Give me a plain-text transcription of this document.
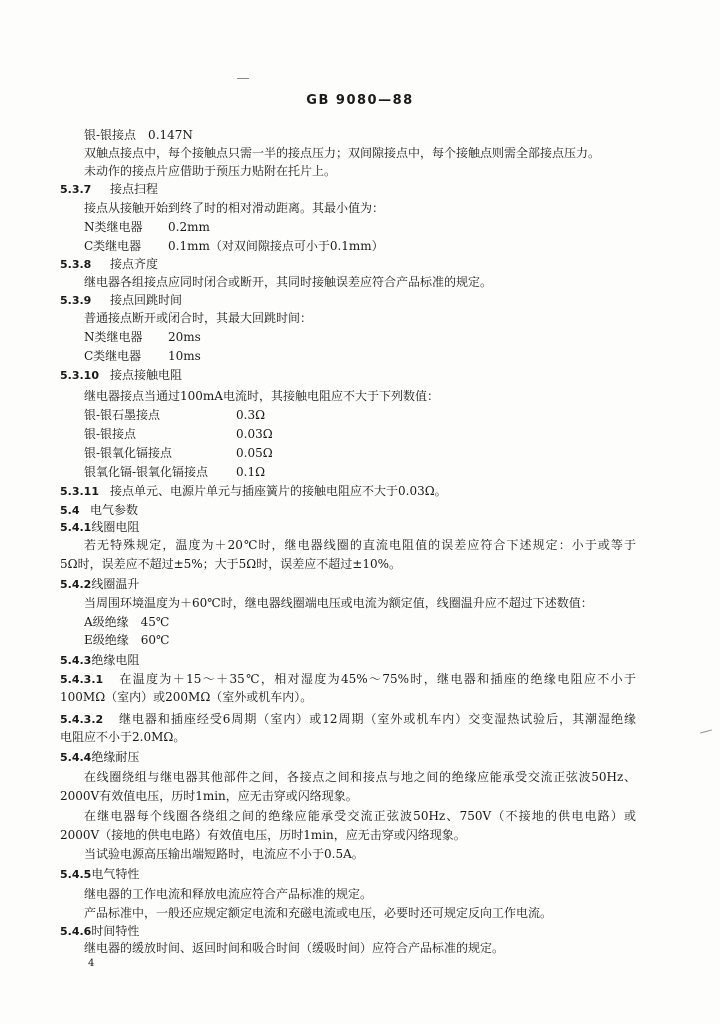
GB 9080—88
银-银接点　0.147N
双触点接点中，每个接触点只需一半的接点压力；双间隙接点中，每个接触点则需全部接点压力。
未动作的接点片应借助于预压力贴附在托片上。
5.3.7 接点扫程
接点从接触开始到终了时的相对滑动距离。其最小值为：
N类继电器 0.2mm
C类继电器 0.1mm（对双间隙接点可小于0.1mm）
5.3.8 接点齐度
继电器各组接点应同时闭合或断开，其同时接触误差应符合产品标准的规定。
5.3.9 接点回跳时间
普通接点断开或闭合时，其最大回跳时间：
N类继电器 20ms
C类继电器 10ms
5.3.10 接点接触电阻
继电器接点当通过100mA电流时，其接触电阻应不大于下列数值：
银-银石墨接点	0.3Ω
银-银接点	0.03Ω
银-银氧化镉接点	0.05Ω
银氧化镉-银氧化镉接点 0.1Ω
5.3.11 接点单元、电源片单元与插座簧片的接触电阻应不大于0.03Ω。
5.4 电气参数
5.4.1线圈电阻
若无特殊规定，温度为＋20℃时，继电器线圈的直流电阻值的误差应符合下述规定：小于或等于
5Ω时，误差应不超过±5%；大于5Ω时，误差应不超过±10%。
5.4.2线圈温升
当周围环境温度为＋60℃时，继电器线圈端电压或电流为额定值，线圈温升应不超过下述数值：
A级绝缘　45℃
E级绝缘　60℃
5.4.3绝缘电阻
5.4.3.1 在温度为＋15～＋35℃，相对湿度为45%～75%时，继电器和插座的绝缘电阻应不小于
100MΩ（室内）或200MΩ（室外或机车内）。
5.4.3.2 继电器和插座经受6周期（室内）或12周期（室外或机车内）交变湿热试验后，其潮湿绝缘
电阻应不小于2.0MΩ。
5.4.4绝缘耐压
在线圈绕组与继电器其他部件之间，各接点之间和接点与地之间的绝缘应能承受交流正弦波50Hz、
2000V有效值电压，历时1min，应无击穿或闪络现象。
在继电器每个线圈各绕组之间的绝缘应能承受交流正弦波50Hz、750V（不接地的供电电路）或
2000V（接地的供电电路）有效值电压，历时1min，应无击穿或闪络现象。
当试验电源高压输出端短路时，电流应不小于0.5A。
5.4.5电气特性
继电器的工作电流和释放电流应符合产品标准的规定。
产品标准中，一般还应规定额定电流和充磁电流或电压，必要时还可规定反向工作电流。
5.4.6时间特性
继电器的缓放时间、返回时间和吸合时间（缓吸时间）应符合产品标准的规定。
4
